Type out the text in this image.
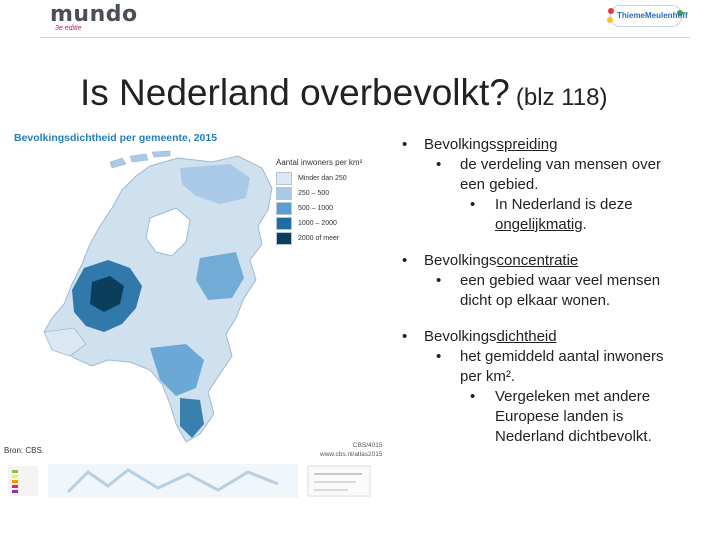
mundo
3e editie
ThiemeMeulenhoff
Is Nederland overbevolkt? (blz 118)
Bevolkingsdichtheid per gemeente, 2015
Aantal inwoners per km²
Minder dan 250
250 – 500
500 – 1000
1000 – 2000
2000 of meer
Bron: CBS.
CBS/4015
www.cbs.nl/atlas2015
• Bevolkingsspreiding
• de verdeling van mensen over
een gebied.
• In Nederland is deze
ongelijkmatig.
• Bevolkingsconcentratie
• een gebied waar veel mensen
dicht op elkaar wonen.
• Bevolkingsdichtheid
• het gemiddeld aantal inwoners
per km².
• Vergeleken met andere
Europese landen is
Nederland dichtbevolkt.
